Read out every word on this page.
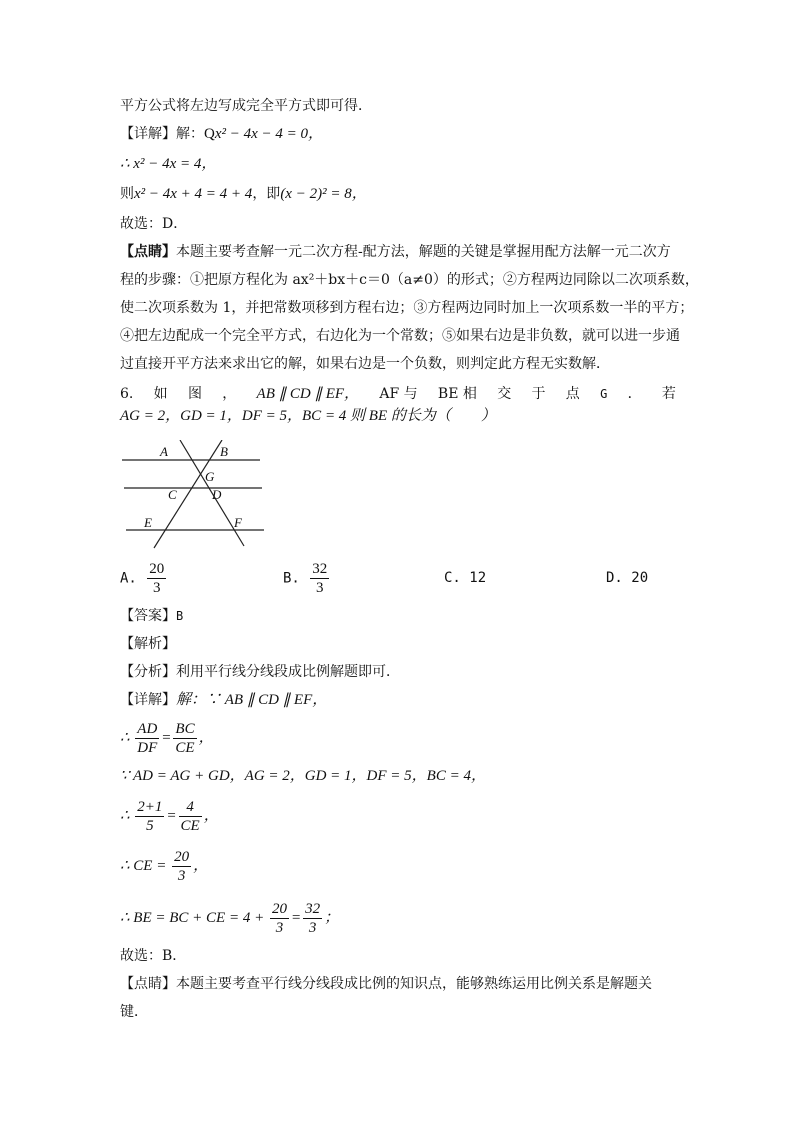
平方公式将左边写成完全平方式即可得．
【详解】解：Qx² − 4x − 4 = 0，
∴ x² − 4x = 4，
则x² − 4x + 4 = 4 + 4，即(x − 2)² = 8，
故选：D．
【点睛】本题主要考查解一元二次方程-配方法，解题的关键是掌握用配方法解一元二次方
程的步骤：①把原方程化为 ax²＋bx＋c＝0（a≠0）的形式；②方程两边同除以二次项系数，
使二次项系数为 1，并把常数项移到方程右边；③方程两边同时加上一次项系数一半的平方；
④把左边配成一个完全平方式，右边化为一个常数；⑤如果右边是非负数，就可以进一步通
过直接开平方法来求出它的解，如果右边是一个负数，则判定此方程无实数解．
6. 如 图 ， AB ∥ CD ∥ EF， AF 与 BE 相 交 于 点 G ． 若
AG = 2，GD = 1，DF = 5，BC = 4 则 BE 的长为（　　）
A	B
G
C	D
E	F
A. $\frac{20}{3}$	B. $\frac{32}{3}$	C. 12	D. 20
【答案】B
【解析】
【分析】利用平行线分线段成比例解题即可．
【详解】解：∵ AB ∥ CD ∥ EF，
∴ $\frac{AD}{DF} = \frac{BC}{CE}$ ，
∵ AD = AG + GD，AG = 2，GD = 1，DF = 5，BC = 4，
∴ $\frac{2+1}{5} = \frac{4}{CE}$ ，
∴ CE = $\frac{20}{3}$ ，
∴ BE = BC + CE = $4 + \frac{20}{3} = \frac{32}{3}$ ；
故选：B．
【点睛】本题主要考查平行线分线段成比例的知识点，能够熟练运用比例关系是解题关
键．
